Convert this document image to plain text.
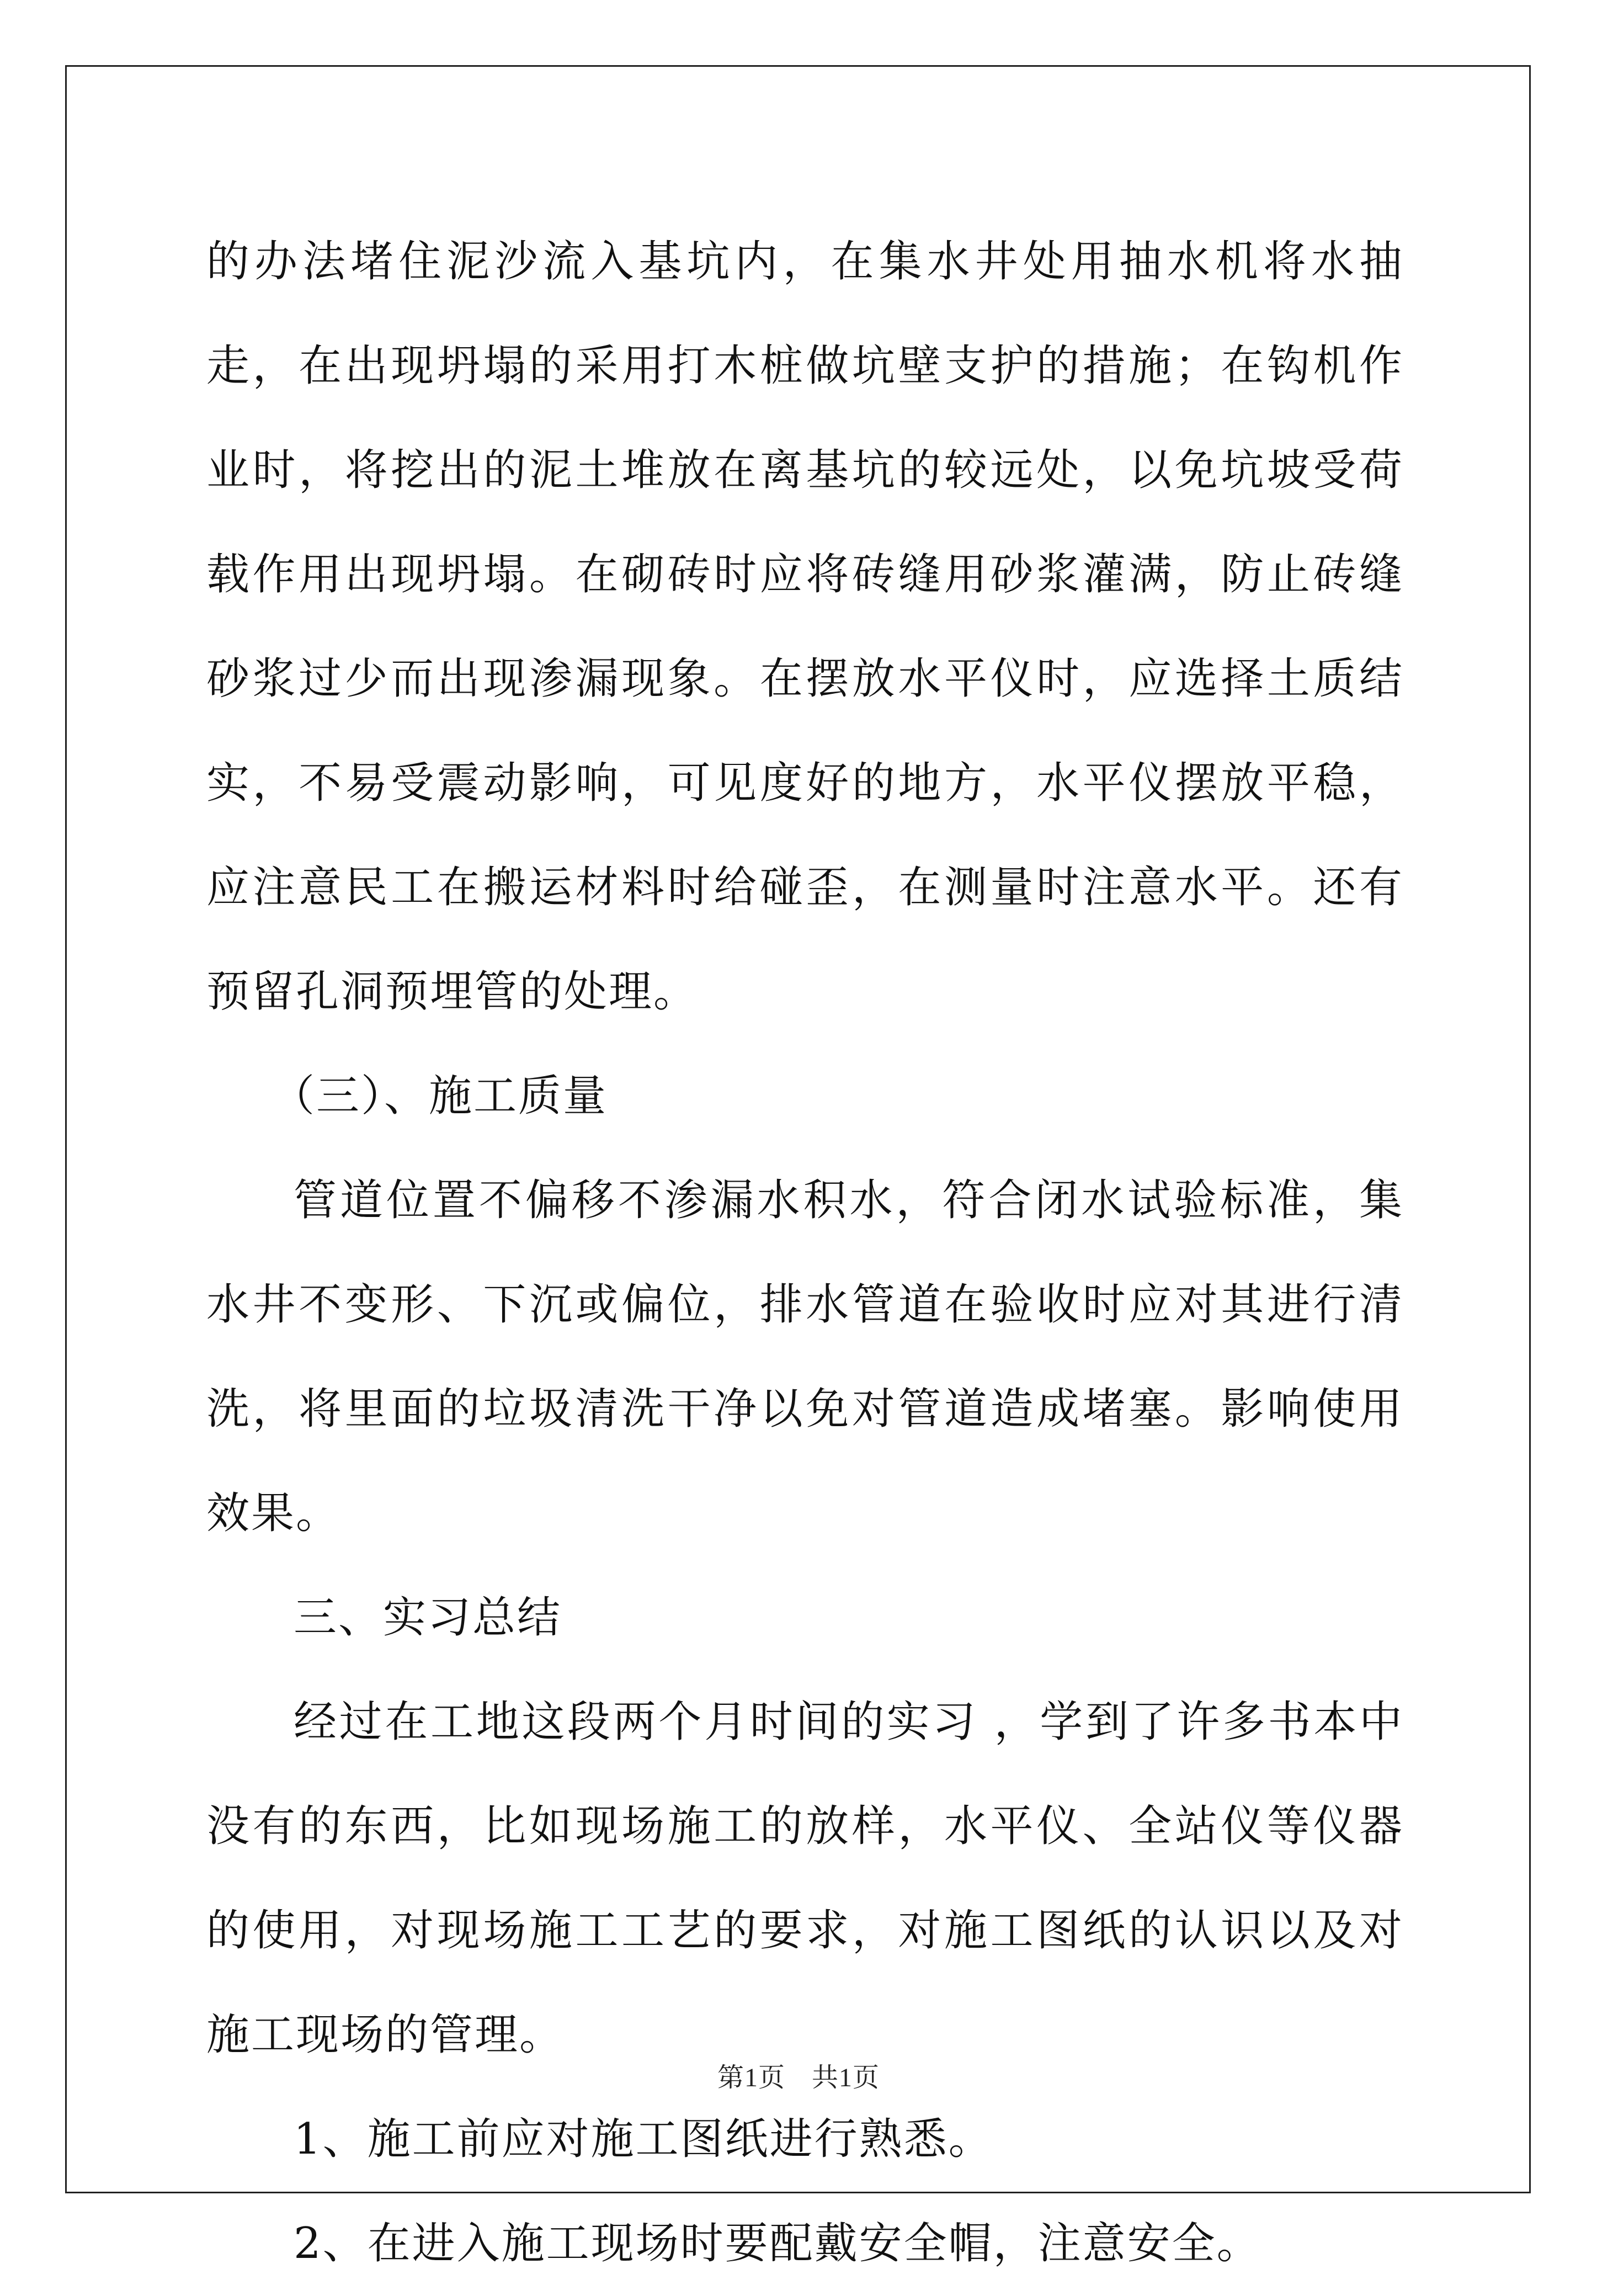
的办法堵住泥沙流入基坑内，在集水井处用抽水机将水抽走，在出现坍塌的采用打木桩做坑壁支护的措施；在钩机作业时，将挖出的泥土堆放在离基坑的较远处，以免坑坡受荷载作用出现坍塌。在砌砖时应将砖缝用砂浆灌满，防止砖缝砂浆过少而出现渗漏现象。在摆放水平仪时，应选择土质结实，不易受震动影响，可见度好的地方，水平仪摆放平稳，应注意民工在搬运材料时给碰歪，在测量时注意水平。还有预留孔洞预埋管的处理。

（三）、施工质量

管道位置不偏移不渗漏水积水，符合闭水试验标准，集水井不变形、下沉或偏位，排水管道在验收时应对其进行清洗，将里面的垃圾清洗干净以免对管道造成堵塞。影响使用效果。

三、实习总结

经过在工地这段两个月时间的实习 ，学到了许多书本中没有的东西，比如现场施工的放样，水平仪、全站仪等仪器的使用，对现场施工工艺的要求，对施工图纸的认识以及对施工现场的管理。

1、施工前应对施工图纸进行熟悉。

2、在进入施工现场时要配戴安全帽，注意安全。

第1页 共1页
